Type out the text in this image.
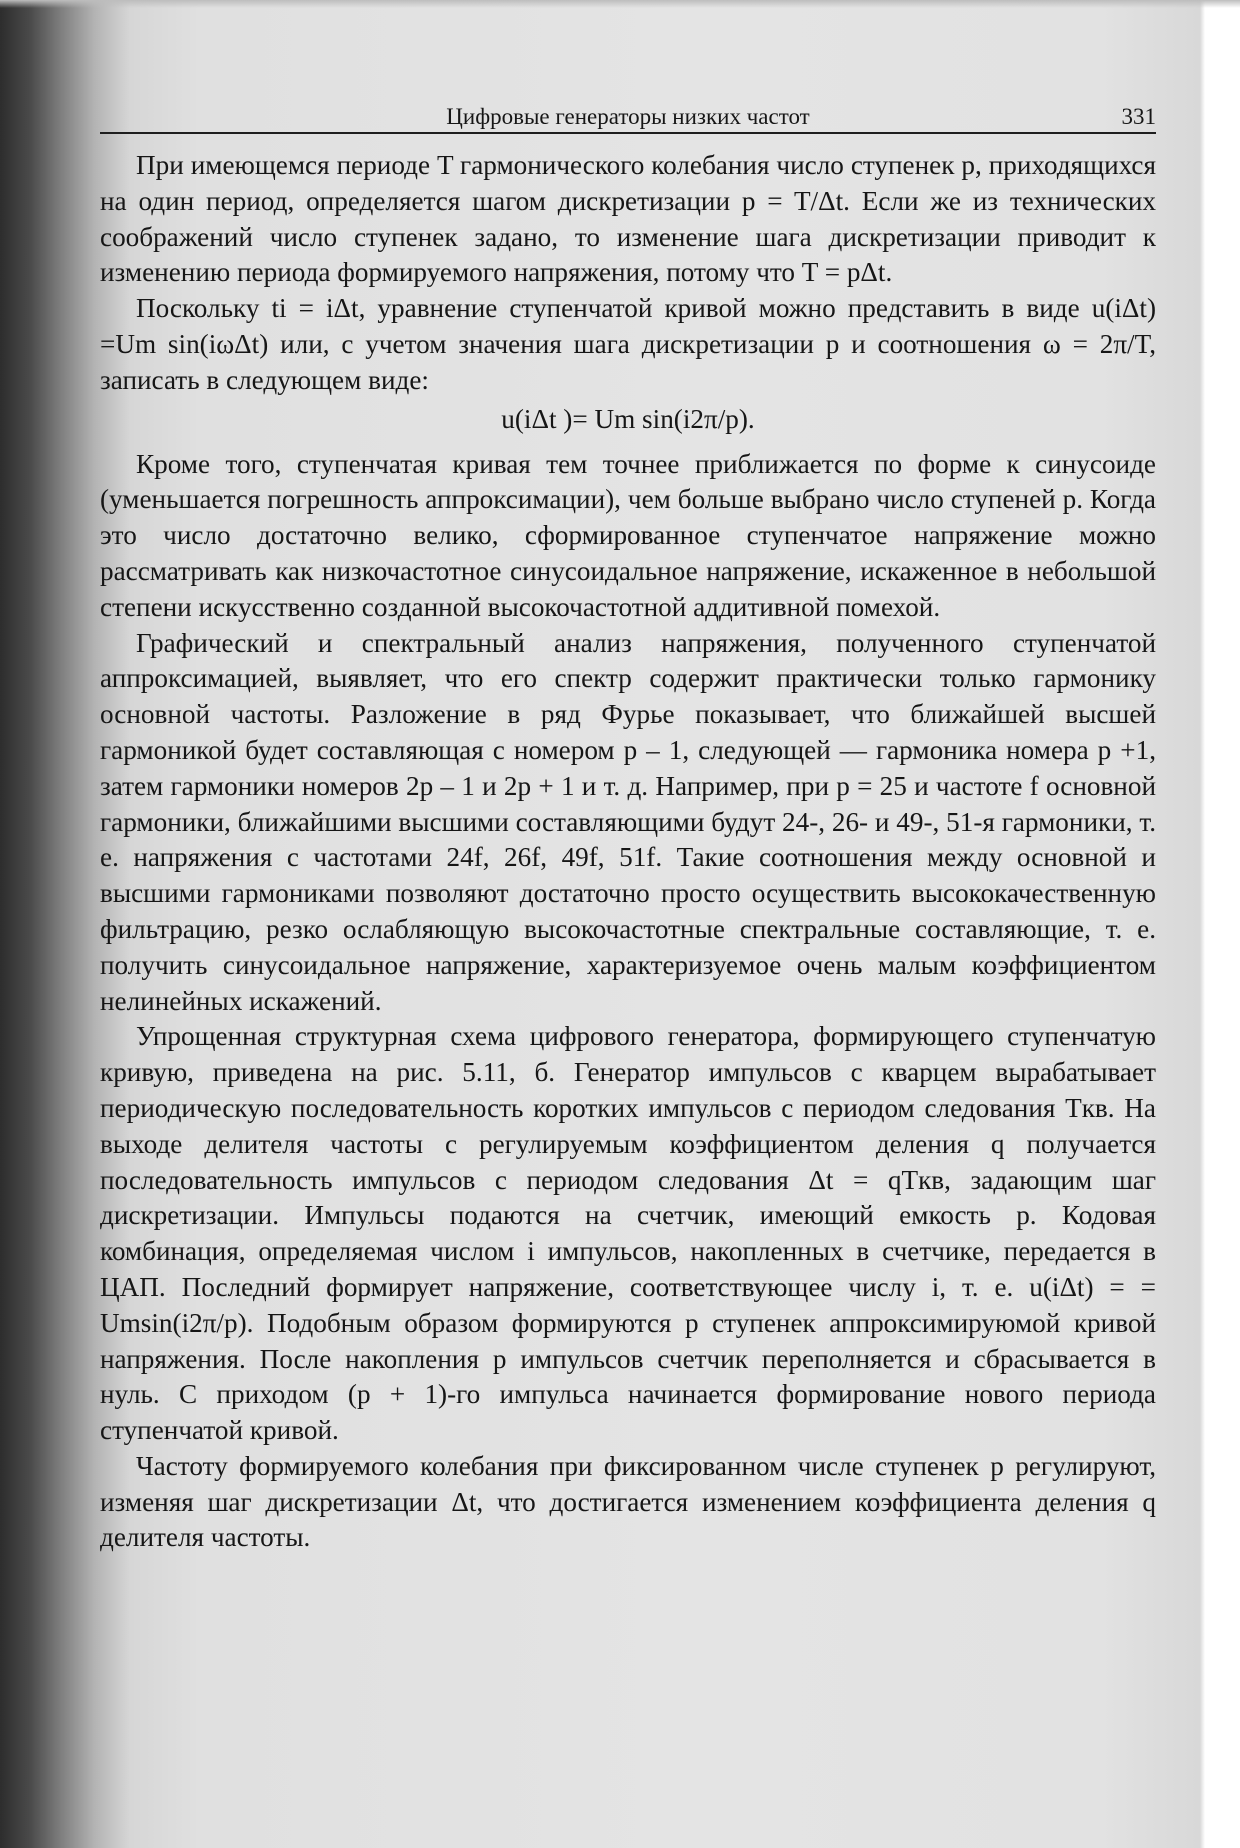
Цифровые генераторы низких частот	331

При имеющемся периоде T гармонического колебания число ступенек p, приходящихся на один период, определяется шагом дискретизации p = T/Δt. Если же из технических соображений число ступенек задано, то изменение шага дискретизации приводит к изменению периода формируемого напряжения, потому что T = pΔt.

Поскольку ti = iΔt, уравнение ступенчатой кривой можно представить в виде u(iΔt) =Um sin(iωΔt) или, с учетом значения шага дискретизации p и соотношения ω = 2π/T, записать в следующем виде:

u(iΔt )= Um sin(i2π/p).

Кроме того, ступенчатая кривая тем точнее приближается по форме к синусоиде (уменьшается погрешность аппроксимации), чем больше выбрано число ступеней p. Когда это число достаточно велико, сформированное ступенчатое напряжение можно рассматривать как низкочастотное синусоидальное напряжение, искаженное в небольшой степени искусственно созданной высокочастотной аддитивной помехой.

Графический и спектральный анализ напряжения, полученного ступенчатой аппроксимацией, выявляет, что его спектр содержит практически только гармонику основной частоты. Разложение в ряд Фурье показывает, что ближайшей высшей гармоникой будет составляющая с номером p – 1, следующей — гармоника номера p +1, затем гармоники номеров 2p – 1 и 2p + 1 и т. д. Например, при p = 25 и частоте f основной гармоники, ближайшими высшими составляющими будут 24-, 26- и 49-, 51-я гармоники, т. е. напряжения с частотами 24f, 26f, 49f, 51f. Такие соотношения между основной и высшими гармониками позволяют достаточно просто осуществить высококачественную фильтрацию, резко ослабляющую высокочастотные спектральные составляющие, т. е. получить синусоидальное напряжение, характеризуемое очень малым коэффициентом нелинейных искажений.

Упрощенная структурная схема цифрового генератора, формирующего ступенчатую кривую, приведена на рис. 5.11, б. Генератор импульсов с кварцем вырабатывает периодическую последовательность коротких импульсов с периодом следования Tкв. На выходе делителя частоты с регулируемым коэффициентом деления q получается последовательность импульсов с периодом следования Δt = qTкв, задающим шаг дискретизации. Импульсы подаются на счетчик, имеющий емкость p. Кодовая комбинация, определяемая числом i импульсов, накопленных в счетчике, передается в ЦАП. Последний формирует напряжение, соответствующее числу i, т. е. u(iΔt) = = Umsin(i2π/p). Подобным образом формируются p ступенек аппроксимируюмой кривой напряжения. После накопления p импульсов счетчик переполняется и сбрасывается в нуль. С приходом (p + 1)-го импульса начинается формирование нового периода ступенчатой кривой.

Частоту формируемого колебания при фиксированном числе ступенек p регулируют, изменяя шаг дискретизации Δt, что достигается изменением коэффициента деления q делителя частоты.
